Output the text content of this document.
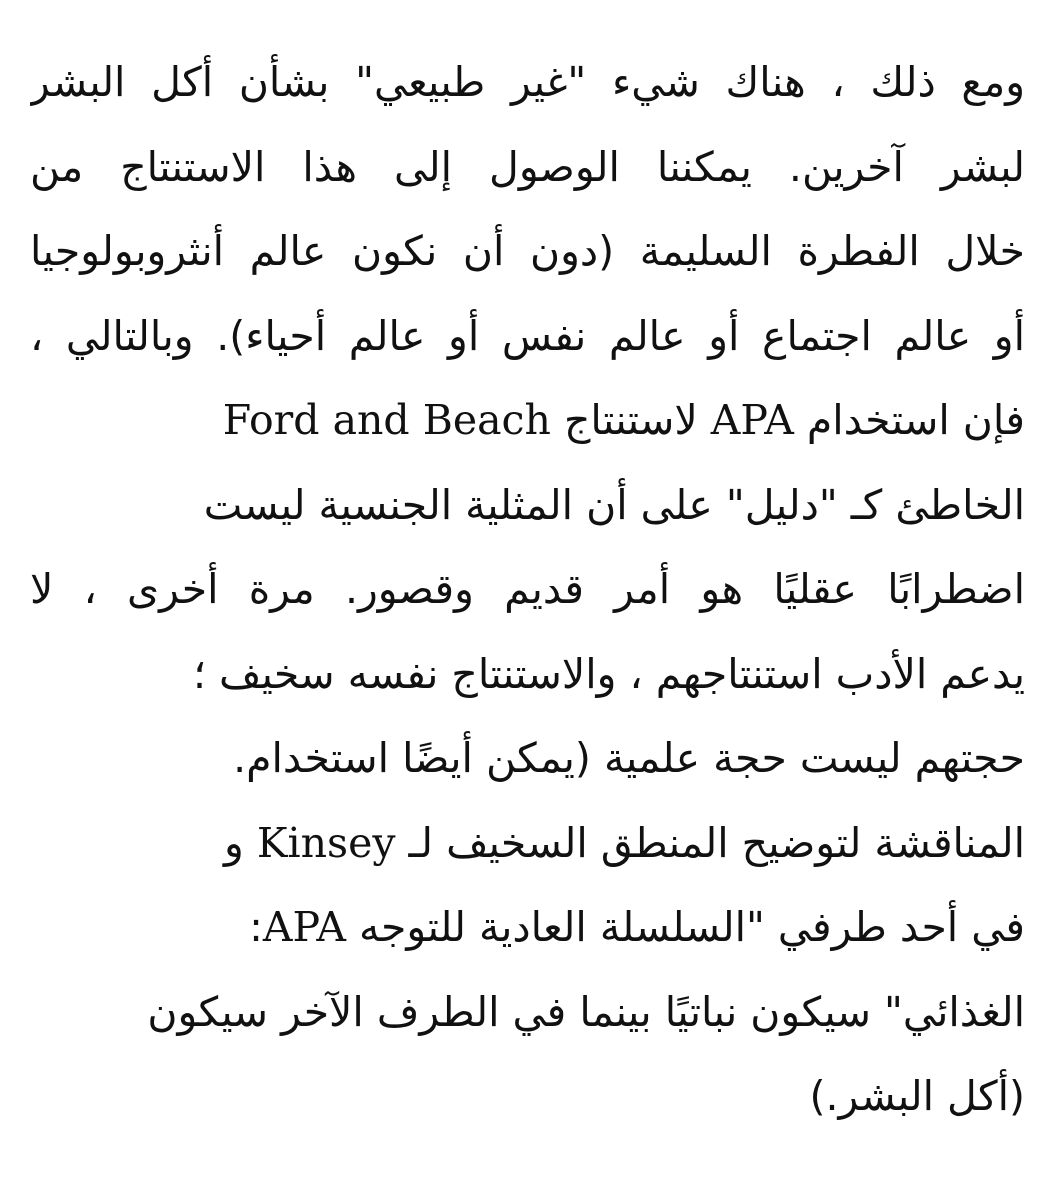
ومع ذلك ، هناك شيء "غير طبيعي" بشأن أكل البشر
لبشر آخرين. يمكننا الوصول إلى هذا الاستنتاج من
خلال الفطرة السليمة (دون أن نكون عالم أنثروبولوجيا
أو عالم اجتماع أو عالم نفس أو عالم أحياء). وبالتالي ،
فإن استخدام APA لاستنتاج Ford and Beach
الخاطئ كـ "دليل" على أن المثلية الجنسية ليست
اضطرابًا عقليًا هو أمر قديم وقصور. مرة أخرى ، لا
يدعم الأدب استنتاجهم ، والاستنتاج نفسه سخيف ؛
حجتهم ليست حجة علمية (يمكن أيضًا استخدام.
المناقشة لتوضيح المنطق السخيف لـ Kinsey و
:APA في أحد طرفي "السلسلة العادية للتوجه
الغذائي" سيكون نباتيًا بينما في الطرف الآخر سيكون
(أكل البشر.)
